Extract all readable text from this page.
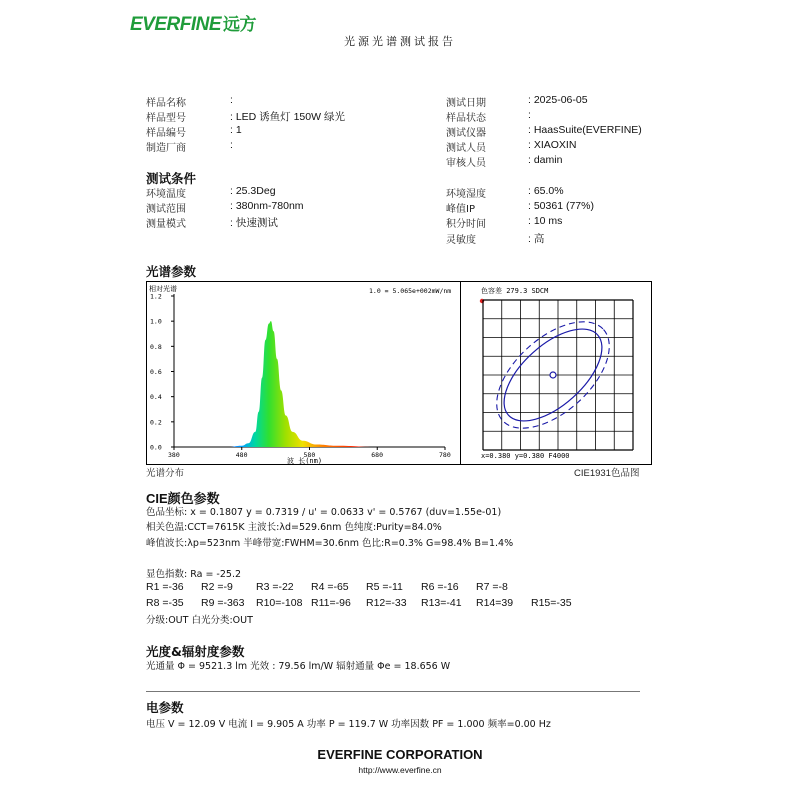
EVERFINE 远方
光源光谱测试报告
样品名称	:
样品型号	: LED 诱鱼灯 150W 绿光
样品编号	: 1
制造厂商	:
测试日期	: 2025-06-05
样品状态	:
测试仪器	: HaasSuite(EVERFINE)
测试人员	: XIAOXIN
审核人员	: damin
测试条件
环境温度	: 25.3Deg
测试范围	: 380nm-780nm
测量模式	: 快速测试
环境湿度	: 65.0%
峰值IP	: 50361 (77%)
积分时间	: 10 ms
灵敏度	: 高
光谱参数
相对光谱	1.0 = 5.065e+002mW/nm
波 长(nm)
0.0
0.2
0.4
0.6
0.8
1.0
1.2
380	480	580	680	780
色容差 279.3 SDCM
x=0.380 y=0.380 F4000
光谱分布	CIE1931色品图
CIE颜色参数
色品坐标: x = 0.1807 y = 0.7319 / u' = 0.0633 v' = 0.5767 (duv=1.55e-01)
相关色温:CCT=7615K 主波长:λd=529.6nm 色纯度:Purity=84.0%
峰值波长:λp=523nm 半峰带宽:FWHM=30.6nm 色比:R=0.3% G=98.4% B=1.4%
显色指数: Ra = -25.2
R1 =-36 R2 =-9 R3 =-22 R4 =-65 R5 =-11 R6 =-16 R7 =-8
R8 =-35 R9 =-363 R10=-108 R11=-96 R12=-33 R13=-41 R14=39 R15=-35
分级:OUT 白光分类:OUT
光度&辐射度参数
光通量 Φ = 9521.3 lm 光效 : 79.56 lm/W 辐射通量 Φe = 18.656 W
电参数
电压 V = 12.09 V 电流 I = 9.905 A 功率 P = 119.7 W 功率因数 PF = 1.000 频率=0.00 Hz
EVERFINE CORPORATION
http://www.everfine.cn
